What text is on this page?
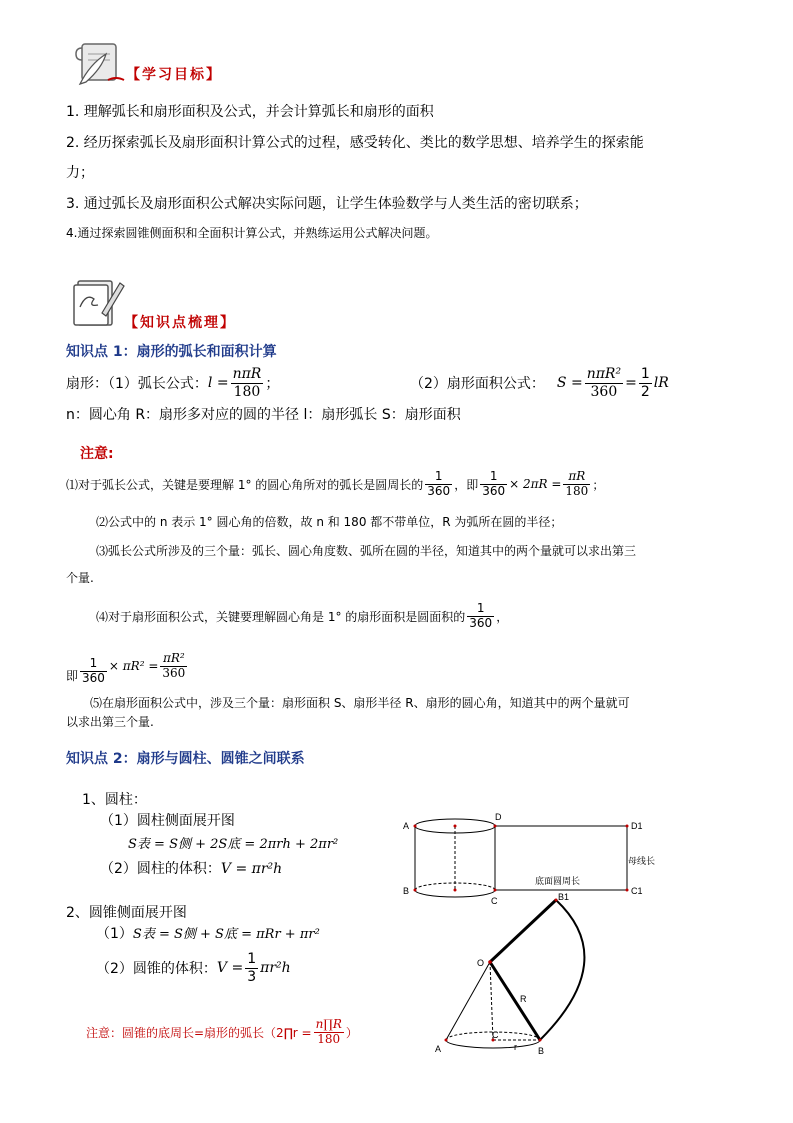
【学习目标】
1. 理解弧长和扇形面积及公式，并会计算弧长和扇形的面积
2. 经历探索弧长及扇形面积计算公式的过程，感受转化、类比的数学思想、培养学生的探索能
力；
3. 通过弧长及扇形面积公式解决实际问题，让学生体验数学与人类生活的密切联系；
4.通过探索圆锥侧面积和全面积计算公式，并熟练运用公式解决问题。
【知识点梳理】
知识点 1：扇形的弧长和面积计算
扇形：（1）弧长公式： $l = \frac{\text{nπR}}{180}$ ；	（2）扇形面积公式： $S = \frac{\text{nπR²}}{360} = \frac{1}{2}$ lR
n：圆心角 R：扇形多对应的圆的半径 l：扇形弧长 S：扇形面积
注意:
⑴对于弧长公式，关键是要理解 1° 的圆心角所对的弧长是圆周长的 $\frac{1}{360}$ ，即 $\frac{1}{360} \times 2\pi R = \frac{\pi R}{180}$ ；
⑵公式中的 n 表示 1° 圆心角的倍数，故 n 和 180 都不带单位，R 为弧所在圆的半径；
⑶弧长公式所涉及的三个量：弧长、圆心角度数、弧所在圆的半径，知道其中的两个量就可以求出第三
个量.
⑷对于扇形面积公式，关键要理解圆心角是 1° 的扇形面积是圆面积的 $\frac{1}{360}$ ，
即 $\frac{1}{360} \times \pi R^2 = \frac{\text{πR²}}{360}$
⑸在扇形面积公式中，涉及三个量：扇形面积 S、扇形半径 R、扇形的圆心角，知道其中的两个量就可
以求出第三个量.
知识点 2：扇形与圆柱、圆锥之间联系
1、圆柱：
（1）圆柱侧面展开图
S表 = S侧 + 2S底 = 2πrh + 2πr²
（2）圆柱的体积：V = πr²h
2、圆锥侧面展开图
（1）S表 = S侧 + S底 = πRr + πr²
（2）圆锥的体积： $V = \frac{1}{3} \pi r^2h$
注意：圆锥的底周长=扇形的弧长（2∏r = $\frac{n\prod R}{180}$ ）
A
B
D
C
D1
C1
底面圆周长
母线长
O
B1
R
A
C
B
r
